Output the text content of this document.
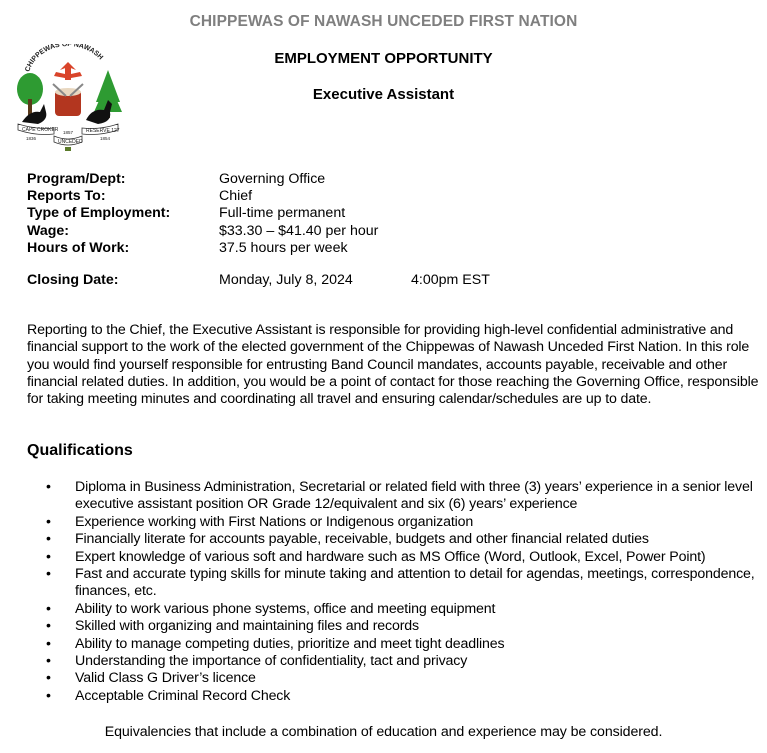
CHIPPEWAS OF NAWASH UNCEDED FIRST NATION
EMPLOYMENT OPPORTUNITY
Executive Assistant
CHIPPEWAS OF NAWASH
CAPE CROKER	RESERVE 127
UNCEDED
1836
1857
1854
Program/Dept:	Governing Office
Reports To:	Chief
Type of Employment:	Full-time permanent
Wage:	$33.30 – $41.40 per hour
Hours of Work:	37.5 hours per week
Closing Date:	Monday, July 8, 2024	4:00pm EST
Reporting to the Chief, the Executive Assistant is responsible for providing high-level confidential administrative and financial support to the work of the elected government of the Chippewas of Nawash Unceded First Nation. In this role you would find yourself responsible for entrusting Band Council mandates, accounts payable, receivable and other financial related duties. In addition, you would be a point of contact for those reaching the Governing Office, responsible for taking meeting minutes and coordinating all travel and ensuring calendar/schedules are up to date.
Qualifications
• Diploma in Business Administration, Secretarial or related field with three (3) years’ experience in a senior level executive assistant position OR Grade 12/equivalent and six (6) years’ experience
• Experience working with First Nations or Indigenous organization
• Financially literate for accounts payable, receivable, budgets and other financial related duties
• Expert knowledge of various soft and hardware such as MS Office (Word, Outlook, Excel, Power Point)
• Fast and accurate typing skills for minute taking and attention to detail for agendas, meetings, correspondence, finances, etc.
• Ability to work various phone systems, office and meeting equipment
• Skilled with organizing and maintaining files and records
• Ability to manage competing duties, prioritize and meet tight deadlines
• Understanding the importance of confidentiality, tact and privacy
• Valid Class G Driver’s licence
• Acceptable Criminal Record Check
Equivalencies that include a combination of education and experience may be considered.
